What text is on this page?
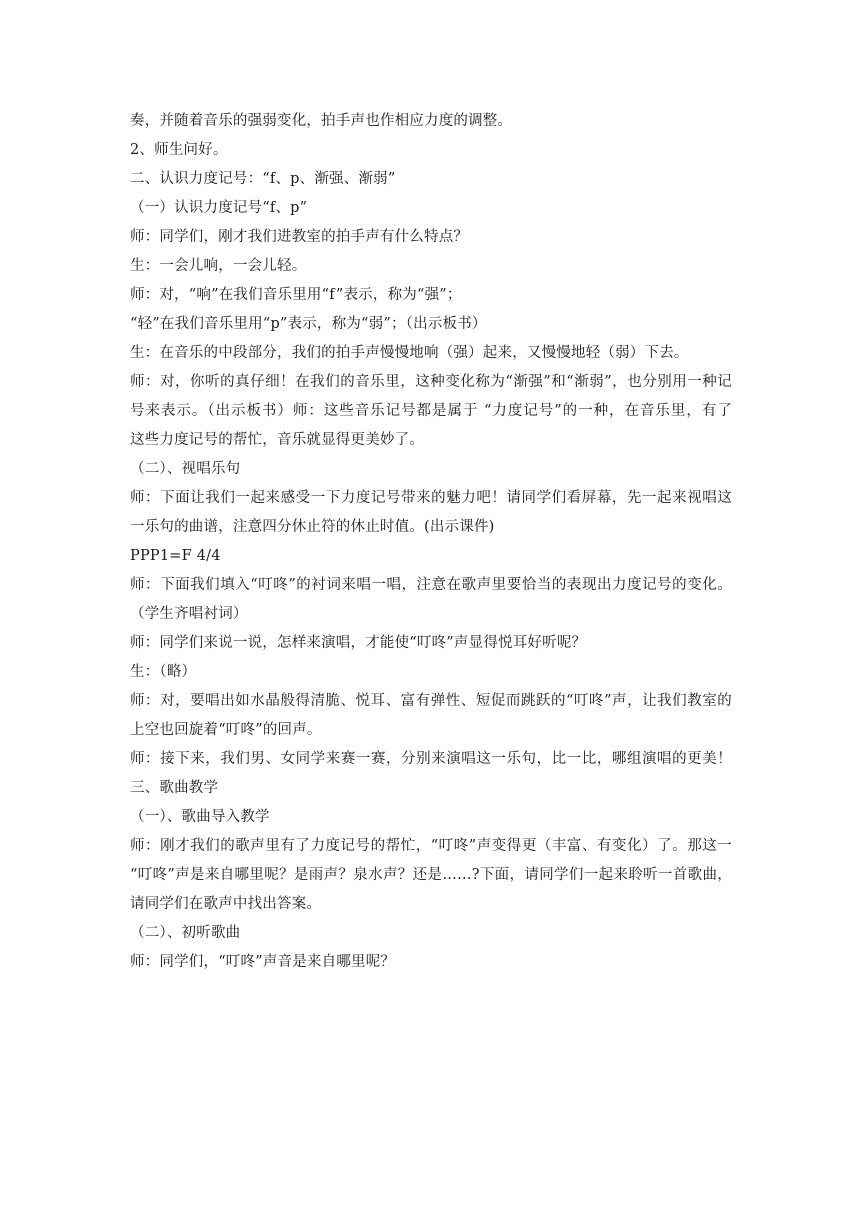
奏，并随着音乐的强弱变化，拍手声也作相应力度的调整。
2、师生问好。
二、认识力度记号：“f、p、渐强、渐弱”
（一）认识力度记号“f、p”
师：同学们，刚才我们进教室的拍手声有什么特点？
生：一会儿响，一会儿轻。
师：对，“响”在我们音乐里用“f”表示，称为“强”；
“轻”在我们音乐里用“p”表示，称为“弱”；（出示板书）
生：在音乐的中段部分，我们的拍手声慢慢地响（强）起来，又慢慢地轻（弱）下去。
师：对，你听的真仔细！在我们的音乐里，这种变化称为“渐强”和“渐弱”，也分别用一种记
号来表示。（出示板书）师：这些音乐记号都是属于 “力度记号”的一种，在音乐里，有了
这些力度记号的帮忙，音乐就显得更美妙了。
（二）、视唱乐句
师：下面让我们一起来感受一下力度记号带来的魅力吧！请同学们看屏幕，先一起来视唱这
一乐句的曲谱，注意四分休止符的休止时值。(出示课件)
PPP1=F 4/4
师：下面我们填入“叮咚”的衬词来唱一唱，注意在歌声里要恰当的表现出力度记号的变化。
（学生齐唱衬词）
师：同学们来说一说，怎样来演唱，才能使“叮咚”声显得悦耳好听呢？
生：（略）
师：对，要唱出如水晶般得清脆、悦耳、富有弹性、短促而跳跃的“叮咚”声，让我们教室的
上空也回旋着“叮咚”的回声。
师：接下来，我们男、女同学来赛一赛，分别来演唱这一乐句，比一比，哪组演唱的更美！
三、歌曲教学
（一）、歌曲导入教学
师：刚才我们的歌声里有了力度记号的帮忙，“叮咚”声变得更（丰富、有变化）了。那这一
“叮咚”声是来自哪里呢？是雨声？泉水声？还是……?下面，请同学们一起来聆听一首歌曲，
请同学们在歌声中找出答案。
（二）、初听歌曲
师：同学们，“叮咚”声音是来自哪里呢？
